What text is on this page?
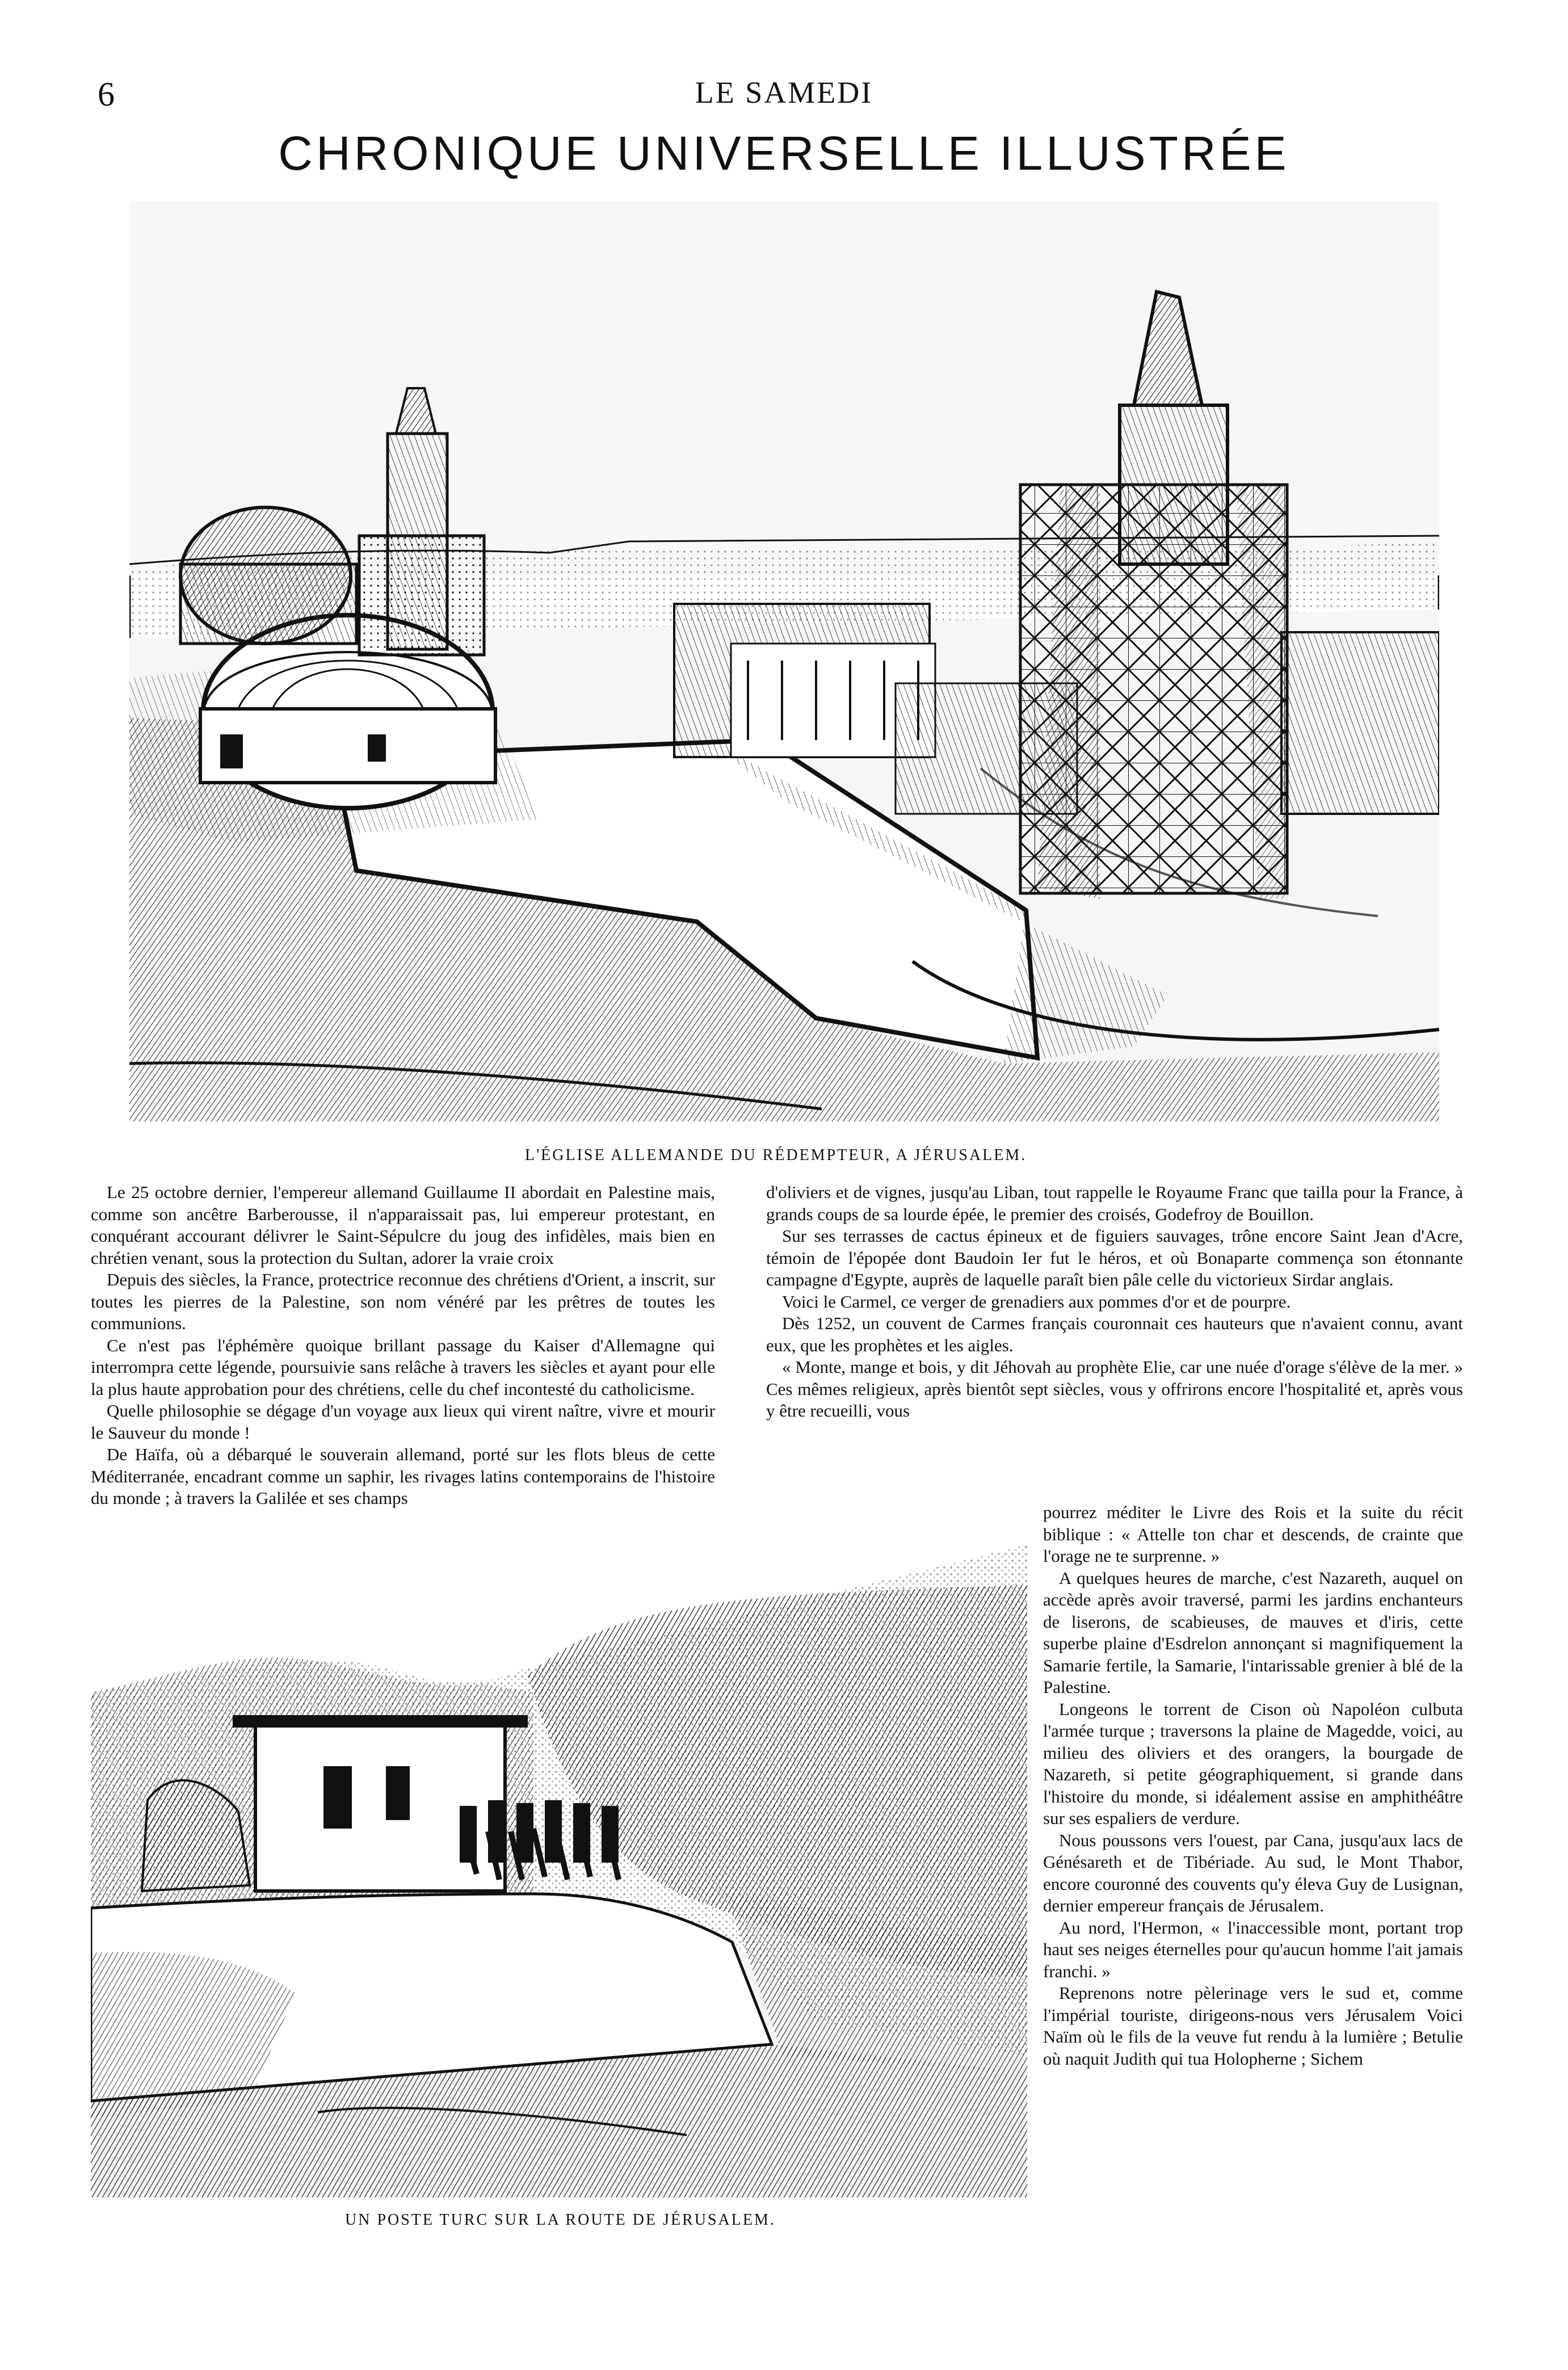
6	LE SAMEDI
CHRONIQUE UNIVERSELLE ILLUSTRÉE
L'ÉGLISE ALLEMANDE DU RÉDEMPTEUR, A JÉRUSALEM.

Le 25 octobre dernier, l'empereur allemand Guillaume II abordait en Palestine mais, comme son ancêtre Barberousse, il n'apparaissait pas, lui empereur protestant, en conquérant accourant délivrer le Saint-Sépulcre du joug des infidèles, mais bien en chrétien venant, sous la protection du Sultan, adorer la vraie croix

Depuis des siècles, la France, protectrice reconnue des chrétiens d'Orient, a inscrit, sur toutes les pierres de la Palestine, son nom vénéré par les prêtres de toutes les communions.

Ce n'est pas l'éphémère quoique brillant passage du Kaiser d'Allemagne qui interrompra cette légende, poursuivie sans relâche à travers les siècles et ayant pour elle la plus haute approbation pour des chrétiens, celle du chef incontesté du catholicisme.

Quelle philosophie se dégage d'un voyage aux lieux qui virent naître, vivre et mourir le Sauveur du monde !

De Haïfa, où a débarqué le souverain allemand, porté sur les flots bleus de cette Méditerranée, encadrant comme un saphir, les rivages latins contemporains de l'histoire du monde ; à travers la Galilée et ses champs

d'oliviers et de vignes, jusqu'au Liban, tout rappelle le Royaume Franc que tailla pour la France, à grands coups de sa lourde épée, le premier des croisés, Godefroy de Bouillon.

Sur ses terrasses de cactus épineux et de figuiers sauvages, trône encore Saint Jean d'Acre, témoin de l'épopée dont Baudoin Ier fut le héros, et où Bonaparte commença son étonnante campagne d'Egypte, auprès de laquelle paraît bien pâle celle du victorieux Sirdar anglais.

Voici le Carmel, ce verger de grenadiers aux pommes d'or et de pourpre.

Dès 1252, un couvent de Carmes français couronnait ces hauteurs que n'avaient connu, avant eux, que les prophètes et les aigles.

« Monte, mange et bois, y dit Jéhovah au prophète Elie, car une nuée d'orage s'élève de la mer. » Ces mêmes religieux, après bientôt sept siècles, vous y offrirons encore l'hospitalité et, après vous y être recueilli, vous

UN POSTE TURC SUR LA ROUTE DE JÉRUSALEM.

pourrez méditer le Livre des Rois et la suite du récit biblique : « Attelle ton char et descends, de crainte que l'orage ne te surprenne. »

A quelques heures de marche, c'est Nazareth, auquel on accède après avoir traversé, parmi les jardins enchanteurs de liserons, de scabieuses, de mauves et d'iris, cette superbe plaine d'Esdrelon annonçant si magnifiquement la Samarie fertile, la Samarie, l'intarissable grenier à blé de la Palestine.

Longeons le torrent de Cison où Napoléon culbuta l'armée turque ; traversons la plaine de Magedde, voici, au milieu des oliviers et des orangers, la bourgade de Nazareth, si petite géographiquement, si grande dans l'histoire du monde, si idéalement assise en amphithéâtre sur ses espaliers de verdure.

Nous poussons vers l'ouest, par Cana, jusqu'aux lacs de Génésareth et de Tibériade. Au sud, le Mont Thabor, encore couronné des couvents qu'y éleva Guy de Lusignan, dernier empereur français de Jérusalem.

Au nord, l'Hermon, « l'inaccessible mont, portant trop haut ses neiges éternelles pour qu'aucun homme l'ait jamais franchi. »

Reprenons notre pèlerinage vers le sud et, comme l'impérial touriste, dirigeons-nous vers Jérusalem Voici Naïm où le fils de la veuve fut rendu à la lumière ; Betulie où naquit Judith qui tua Holopherne ; Sichem
